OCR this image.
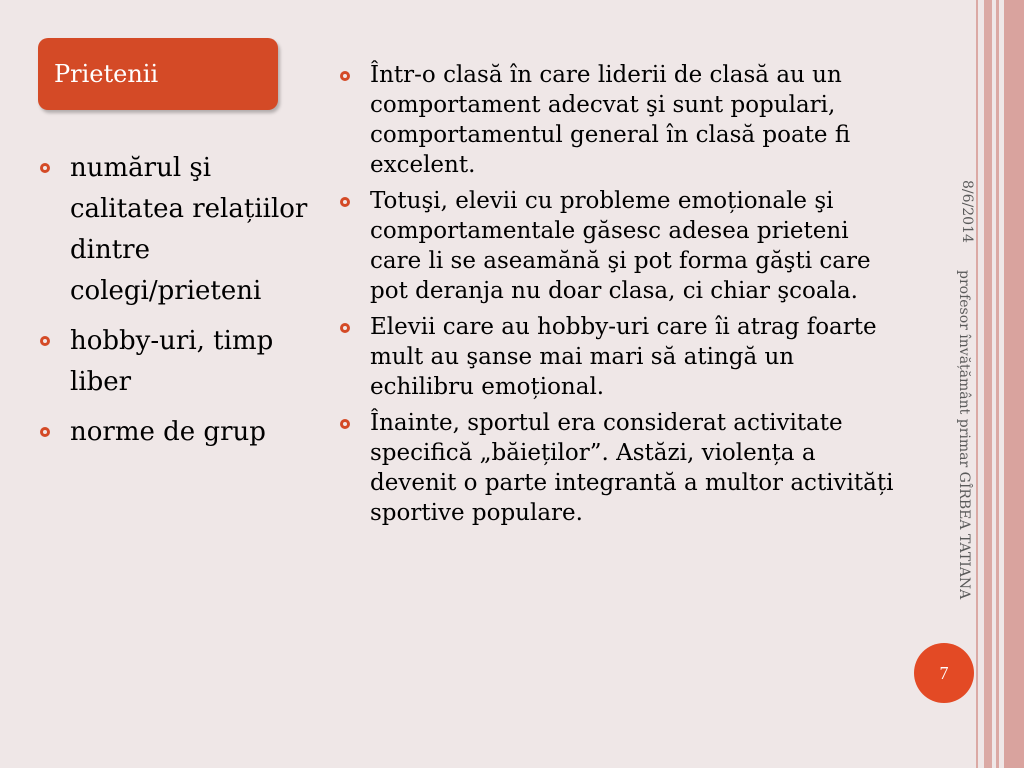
Prietenii
numărul şi calitatea relațiilor dintre colegi/prieteni
hobby-uri, timp liber
norme de grup
Într-o clasă în care liderii de clasă au un comportament adecvat şi sunt populari, comportamentul general în clasă poate fi excelent.
Totuşi, elevii cu probleme emoționale şi comportamentale găsesc adesea prieteni care li se aseamănă şi pot forma găşti care pot deranja nu doar clasa, ci chiar şcoala.
Elevii care au hobby-uri care îi atrag foarte mult au şanse mai mari să atingă un echilibru emoțional.
Înainte, sportul era considerat activitate specifică „băieților”. Astăzi, violența a devenit o parte integrantă a multor activități sportive populare.
8/6/2014
profesor învățământ primar GÎRBEA TATIANA
7
